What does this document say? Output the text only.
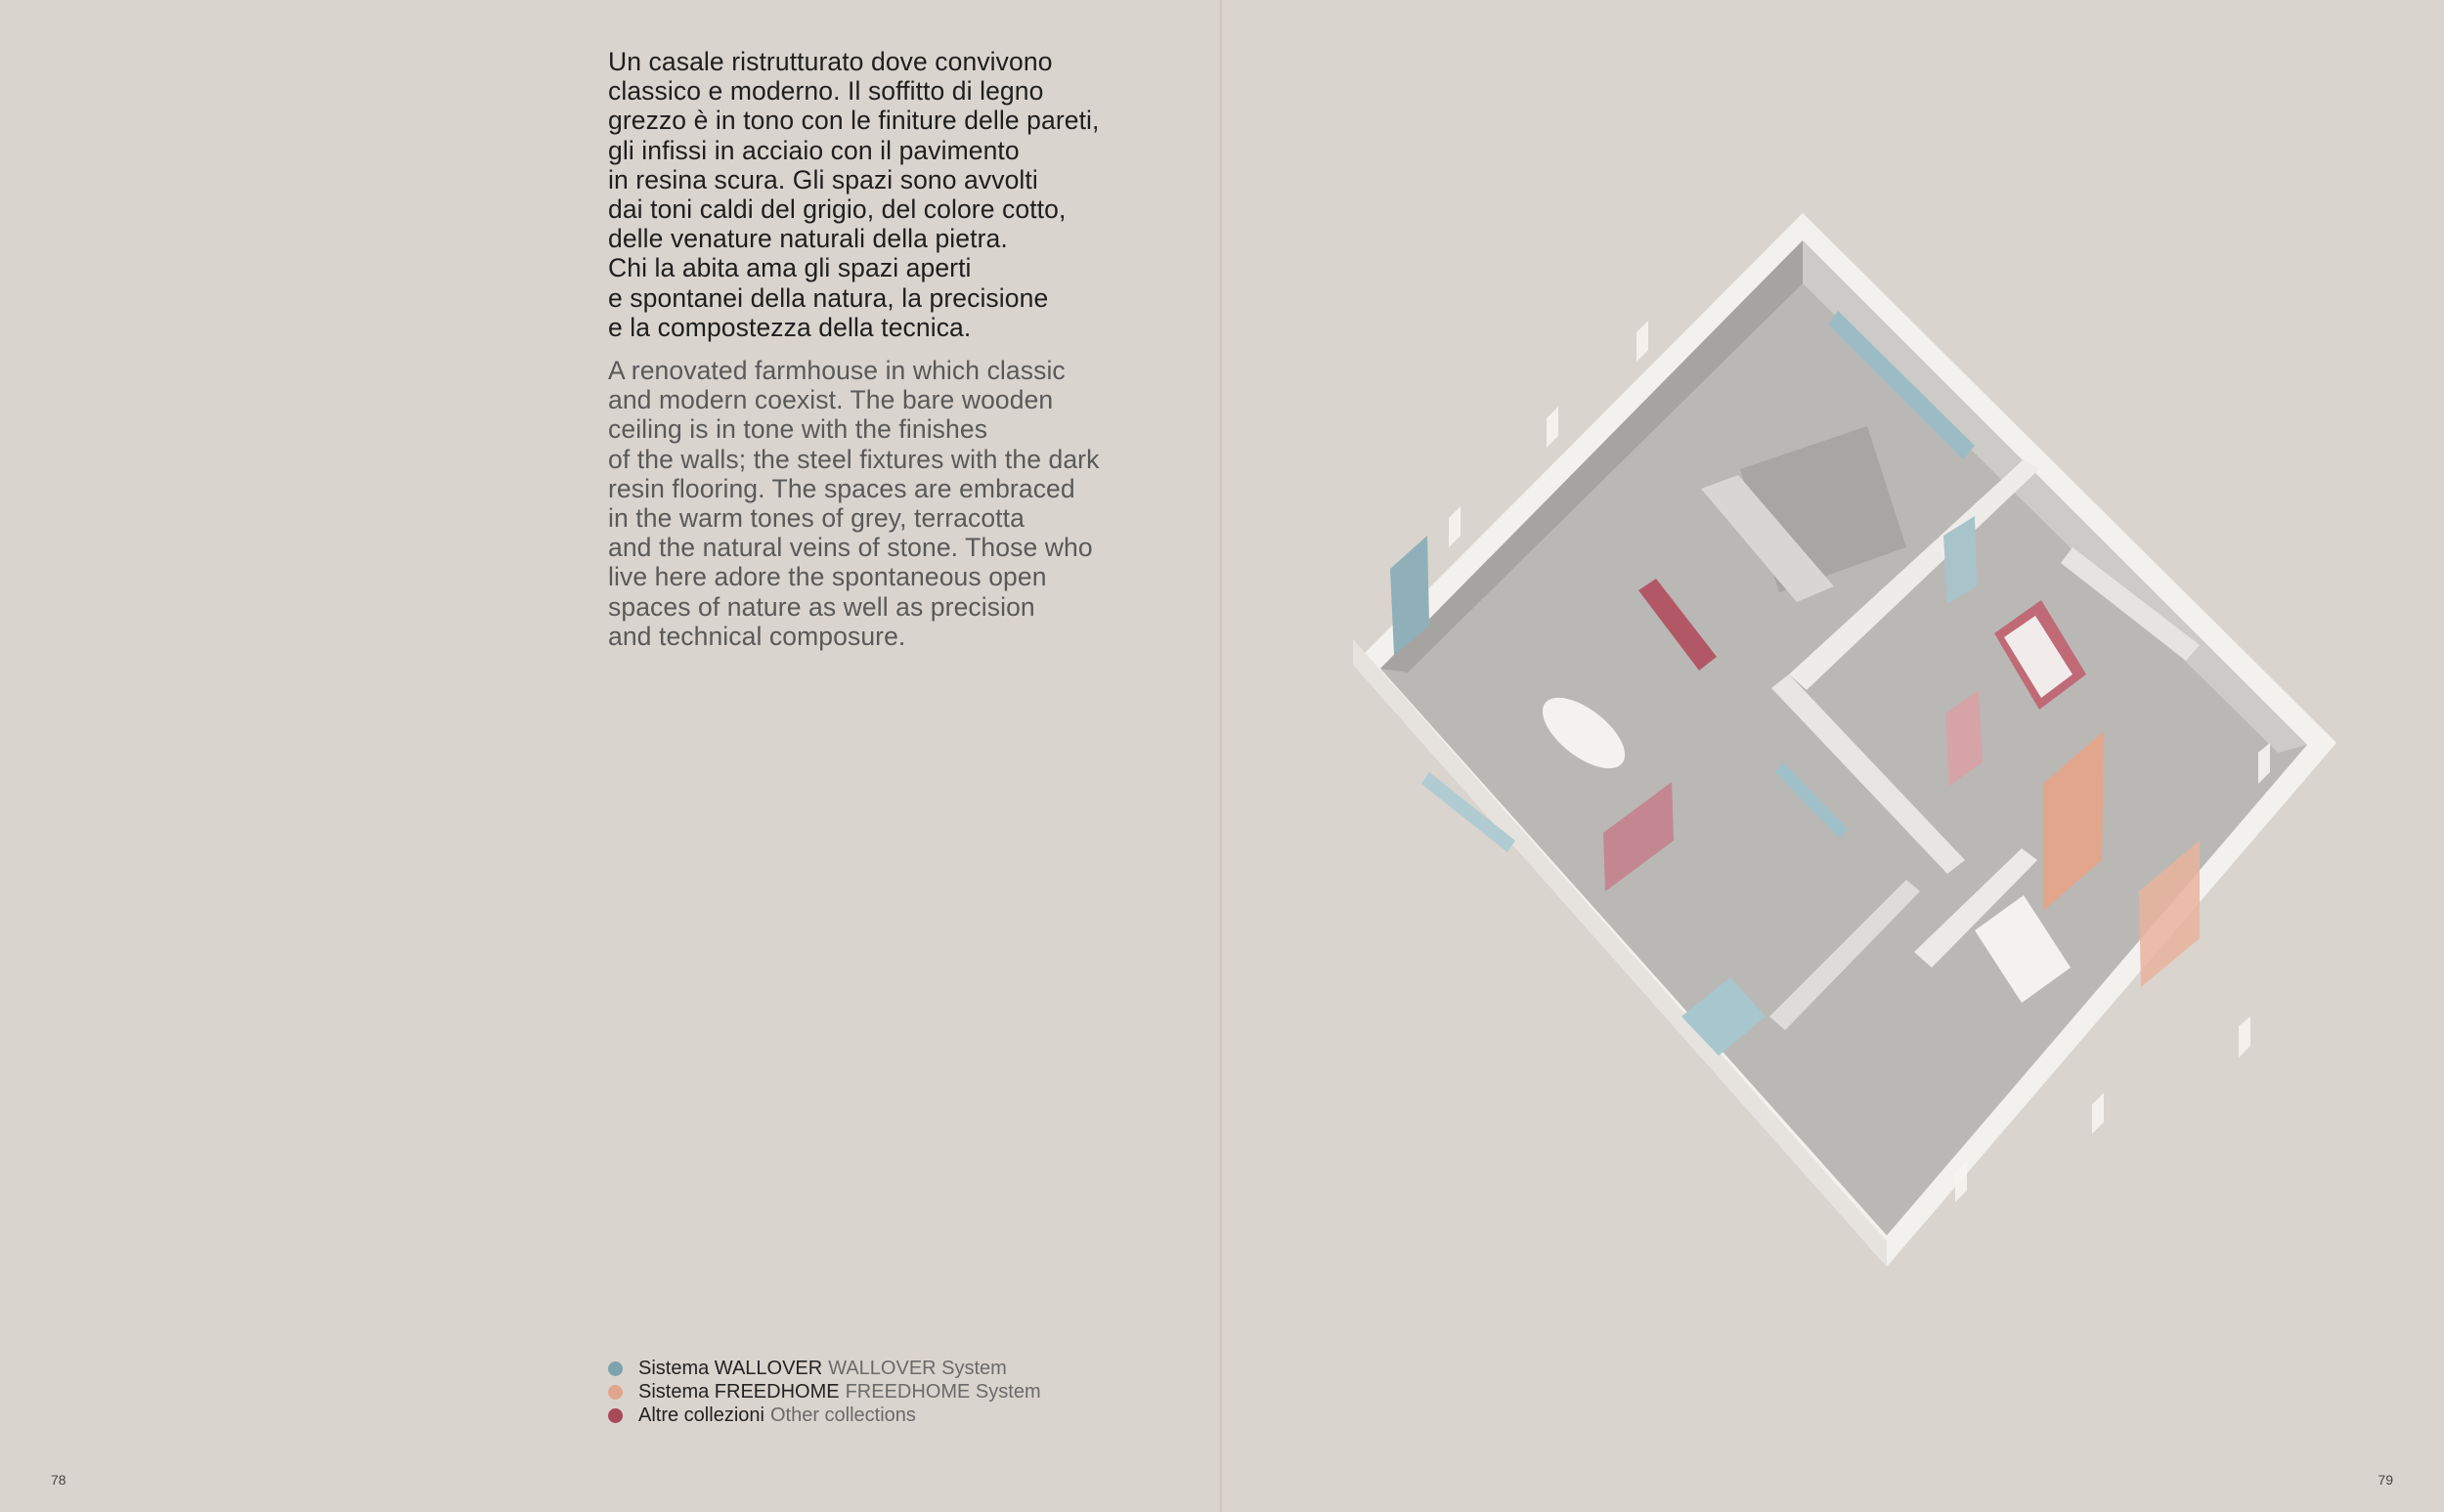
Un casale ristrutturato dove convivono

classico e moderno. Il soffitto di legno

grezzo è in tono con le finiture delle pareti,

gli infissi in acciaio con il pavimento

in resina scura. Gli spazi sono avvolti

dai toni caldi del grigio, del colore cotto,

delle venature naturali della pietra.

Chi la abita ama gli spazi aperti

e spontanei della natura, la precisione

e la compostezza della tecnica.

A renovated farmhouse in which classic

and modern coexist. The bare wooden

ceiling is in tone with the finishes

of the walls; the steel fixtures with the dark

resin flooring. The spaces are embraced

in the warm tones of grey, terracotta

and the natural veins of stone. Those who

live here adore the spontaneous open

spaces of nature as well as precision

and technical composure.

Sistema WALLOVER WALLOVER System
Sistema FREEDHOME FREEDHOME System
Altre collezioni Other collections
78	79
